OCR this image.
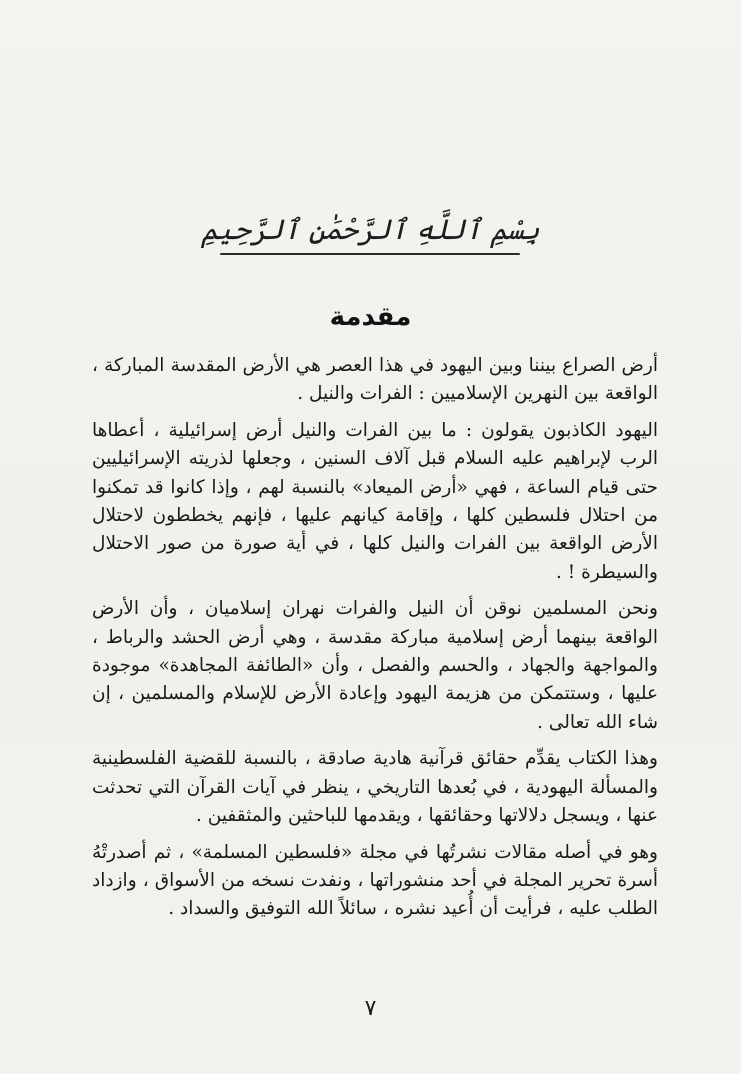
بِسْمِ ٱللَّهِ ٱلرَّحْمَٰنِ ٱلرَّحِيمِ
مقدمة

أرض الصراع بيننا وبين اليهود في هذا العصر هي الأرض المقدسة المباركة ، الواقعة بين النهرين الإسلاميين : الفرات والنيل .

اليهود الكاذبون يقولون : ما بين الفرات والنيل أرض إسرائيلية ، أعطاها الرب لإبراهيم عليه السلام قبل آلاف السنين ، وجعلها لذريته الإسرائيليين حتى قيام الساعة ، فهي «أرض الميعاد» بالنسبة لهم ، وإذا كانوا قد تمكنوا من احتلال فلسطين كلها ، وإقامة كيانهم عليها ، فإنهم يخططون لاحتلال الأرض الواقعة بين الفرات والنيل كلها ، في أية صورة من صور الاحتلال والسيطرة ! .

ونحن المسلمين نوقن أن النيل والفرات نهران إسلاميان ، وأن الأرض الواقعة بينهما أرض إسلامية مباركة مقدسة ، وهي أرض الحشد والرباط ، والمواجهة والجهاد ، والحسم والفصل ، وأن «الطائفة المجاهدة» موجودة عليها ، وستتمكن من هزيمة اليهود وإعادة الأرض للإسلام والمسلمين ، إن شاء الله تعالى .

وهذا الكتاب يقدِّم حقائق قرآنية هادية صادقة ، بالنسبة للقضية الفلسطينية والمسألة اليهودية ، في بُعدها التاريخي ، ينظر في آيات القرآن التي تحدثت عنها ، ويسجل دلالاتها وحقائقها ، ويقدمها للباحثين والمثقفين .

وهو في أصله مقالات نشرتُها في مجلة «فلسطين المسلمة» ، ثم أصدرتْهُ أسرة تحرير المجلة في أحد منشوراتها ، ونفدت نسخه من الأسواق ، وازداد الطلب عليه ، فرأيت أن أُعيد نشره ، سائلاً الله التوفيق والسداد .

٧
